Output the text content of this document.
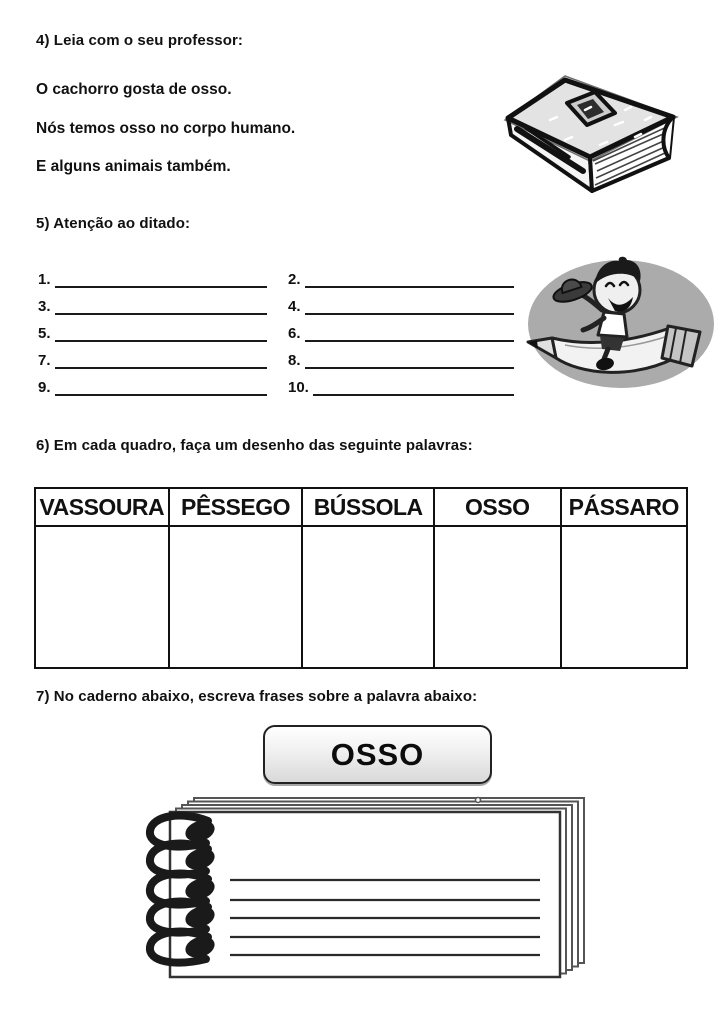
4) Leia com o seu professor:
O cachorro gosta de osso.
Nós temos osso no corpo humano.
E alguns animais também.
5) Atenção ao ditado:
1.	2.
3.	4.
5.	6.
7.	8.
9.	10.
6) Em cada quadro, faça um desenho das seguinte palavras:
VASSOURA	PÊSSEGO	BÚSSOLA	OSSO	PÁSSARO

7) No caderno abaixo, escreva frases sobre a palavra abaixo:
OSSO
